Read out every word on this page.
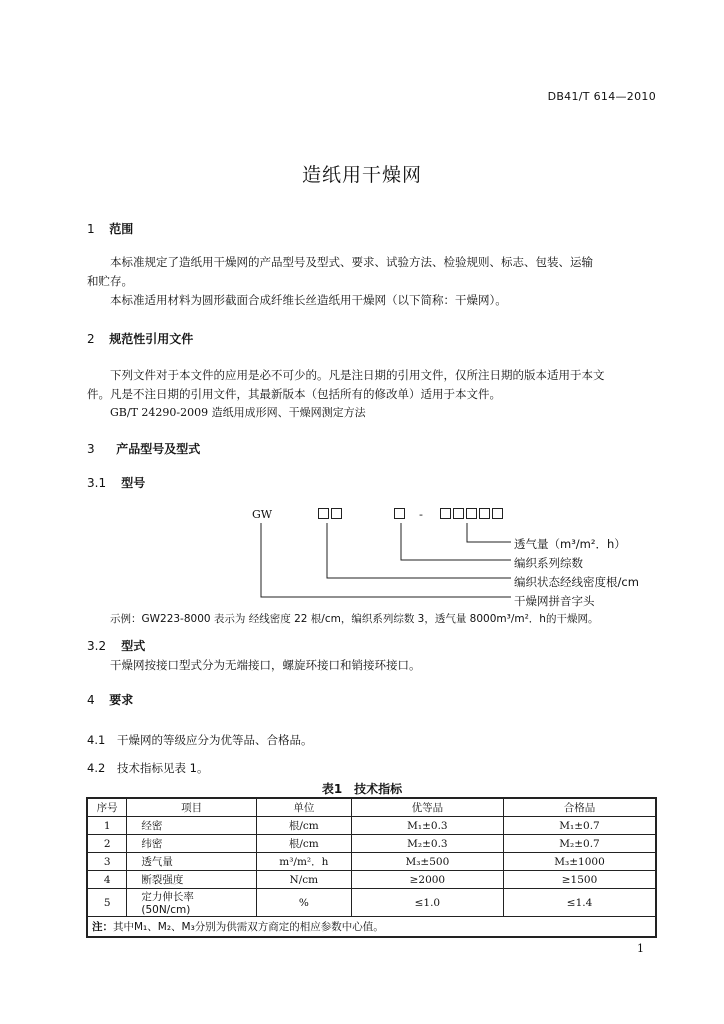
DB41/T 614—2010
造纸用干燥网
1 范围
本标准规定了造纸用干燥网的产品型号及型式、要求、试验方法、检验规则、标志、包装、运输
和贮存。
本标准适用材料为圆形截面合成纤维长丝造纸用干燥网（以下简称：干燥网）。
2 规范性引用文件
下列文件对于本文件的应用是必不可少的。凡是注日期的引用文件，仅所注日期的版本适用于本文
件。凡是不注日期的引用文件，其最新版本（包括所有的修改单）适用于本文件。
GB/T 24290-2009 造纸用成形网、干燥网测定方法
3 产品型号及型式
3.1 型号
GW	-
透气量（m³/m²．h）
编织系列综数
编织状态经线密度根/cm
干燥网拼音字头
示例：GW223-8000 表示为 经线密度 22 根/cm，编织系列综数 3，透气量 8000m³/m²．h的干燥网。
3.2 型式
干燥网按接口型式分为无端接口，螺旋环接口和销接环接口。
4 要求
4.1 干燥网的等级应分为优等品、合格品。
4.2 技术指标见表 1。
表1　技术指标
序号	项目	单位	优等品	合格品
1	经密	根/cm	M₁±0.3	M₁±0.7
2	纬密	根/cm	M₂±0.3	M₂±0.7
3	透气量	m³/m²．h	M₃±500	M₃±1000
4	断裂强度	N/cm	≥2000	≥1500
5	定力伸长率　(50N/cm)	%	≤1.0	≤1.4
注：其中M₁、M₂、M₃分别为供需双方商定的相应参数中心值。				
1
